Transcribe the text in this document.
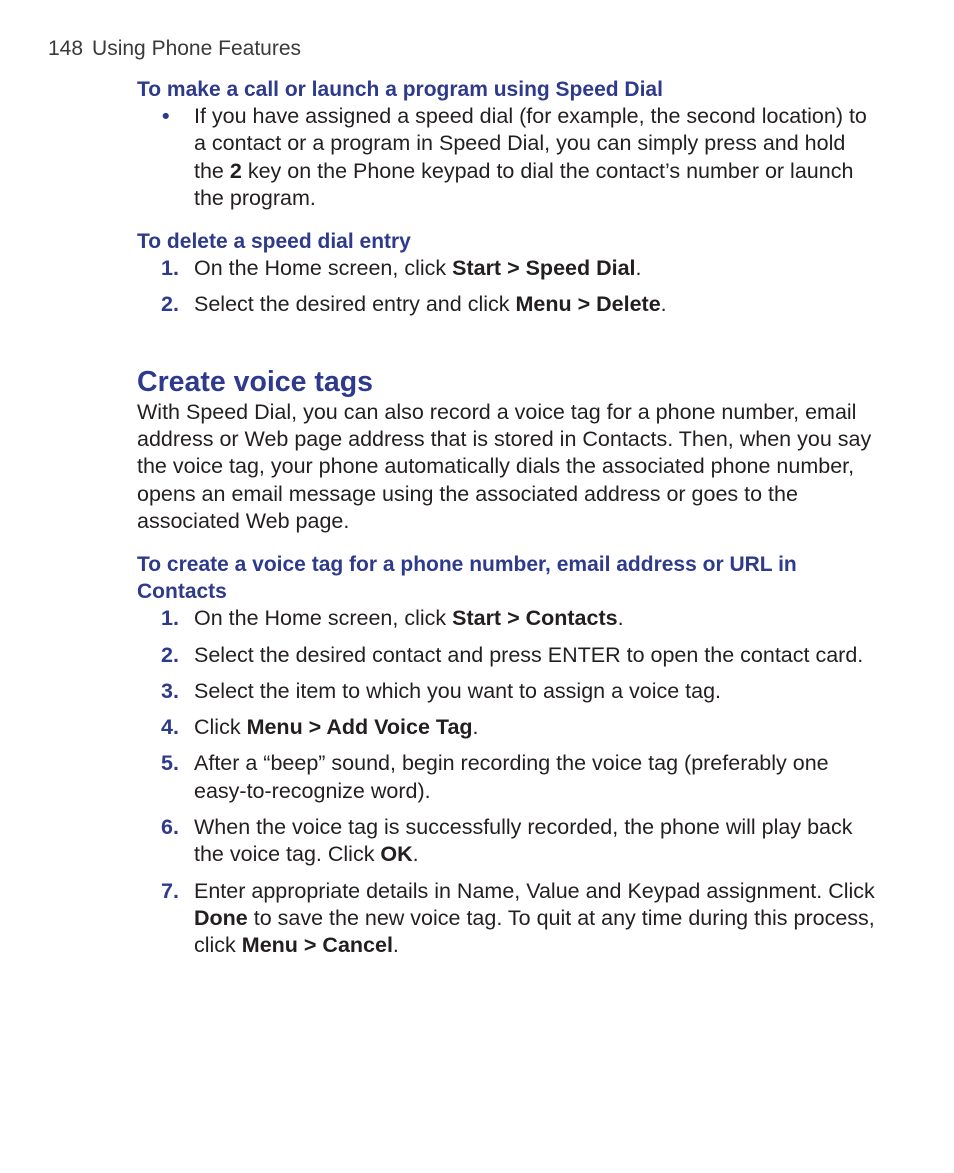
148 Using Phone Features
To make a call or launch a program using Speed Dial
• If you have assigned a speed dial (for example, the second location) to a contact or a program in Speed Dial, you can simply press and hold the 2 key on the Phone keypad to dial the contact’s number or launch the program.
To delete a speed dial entry
1. On the Home screen, click Start > Speed Dial.
2. Select the desired entry and click Menu > Delete.
Create voice tags

With Speed Dial, you can also record a voice tag for a phone number, email address or Web page address that is stored in Contacts. Then, when you say the voice tag, your phone automatically dials the associated phone number, opens an email message using the associated address or goes to the associated Web page.

To create a voice tag for a phone number, email address or URL in Contacts
1. On the Home screen, click Start > Contacts.
2. Select the desired contact and press ENTER to open the contact card.
3. Select the item to which you want to assign a voice tag.
4. Click Menu > Add Voice Tag.
5. After a “beep” sound, begin recording the voice tag (preferably one easy-to-recognize word).
6. When the voice tag is successfully recorded, the phone will play back the voice tag. Click OK.
7. Enter appropriate details in Name, Value and Keypad assignment. Click Done to save the new voice tag. To quit at any time during this process, click Menu > Cancel.
